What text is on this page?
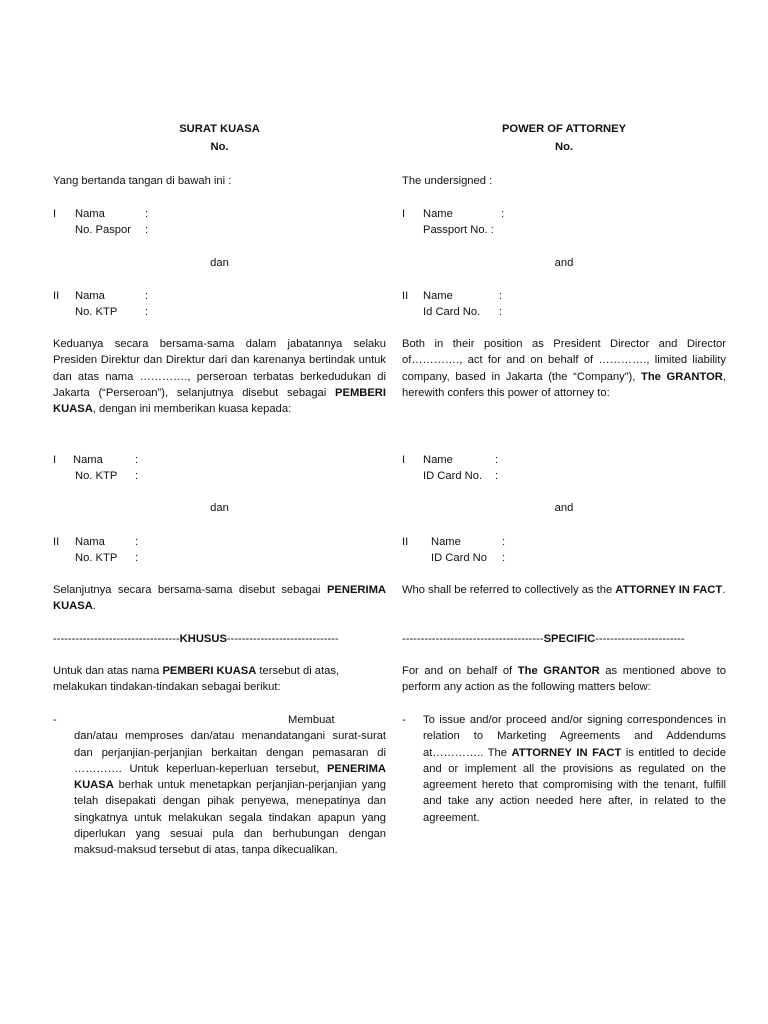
SURAT KUASA
No.
Yang bertanda tangan di bawah ini :
I Nama	:
No. Paspor :
dan
II Nama	:
No. KTP :
Keduanya secara bersama-sama dalam jabatannya selaku Presiden Direktur dan Direktur dari dan karenanya bertindak untuk dan atas nama …………., perseroan terbatas berkedudukan di Jakarta (“Perseroan”), selanjutnya disebut sebagai PEMBERI KUASA, dengan ini memberikan kuasa kepada:
I Nama	:
No. KTP :
dan
II Nama	:
No. KTP :
Selanjutnya secara bersama-sama disebut sebagai PENERIMA KUASA.
----------------------------------KHUSUS------------------------------
Untuk dan atas nama PEMBERI KUASA tersebut di atas, melakukan tindakan-tindakan sebagai berikut:
-	Membuat
dan/atau memproses dan/atau menandatangani surat-surat dan perjanjian-perjanjian berkaitan dengan pemasaran di …………. Untuk keperluan-keperluan tersebut, PENERIMA KUASA berhak untuk menetapkan perjanjian-perjanjian yang telah disepakati dengan pihak penyewa, menepatinya dan singkatnya untuk melakukan segala tindakan apapun yang diperlukan yang sesuai pula dan berhubungan dengan maksud-maksud tersebut di atas, tanpa dikecualikan.
POWER OF ATTORNEY
No.
The undersigned :
I Name	:
Passport No. :
and
II Name	:
Id Card No. :
Both in their position as President Director and Director of…………., act for and on behalf of …………., limited liability company, based in Jakarta (the “Company”), The GRANTOR, herewith confers this power of attorney to:
I Name	:
ID Card No. :
and
II Name	:
ID Card No :
Who shall be referred to collectively as the ATTORNEY IN FACT.
--------------------------------------SPECIFIC------------------------
For and on behalf of The GRANTOR as mentioned above to perform any action as the following matters below:
-	To issue and/or proceed and/or signing correspondences in relation to Marketing Agreements and Addendums at………….. The ATTORNEY IN FACT is entitled to decide and or implement all the provisions as regulated on the agreement hereto that compromising with the tenant, fulfill and take any action needed here after, in related to the agreement.
